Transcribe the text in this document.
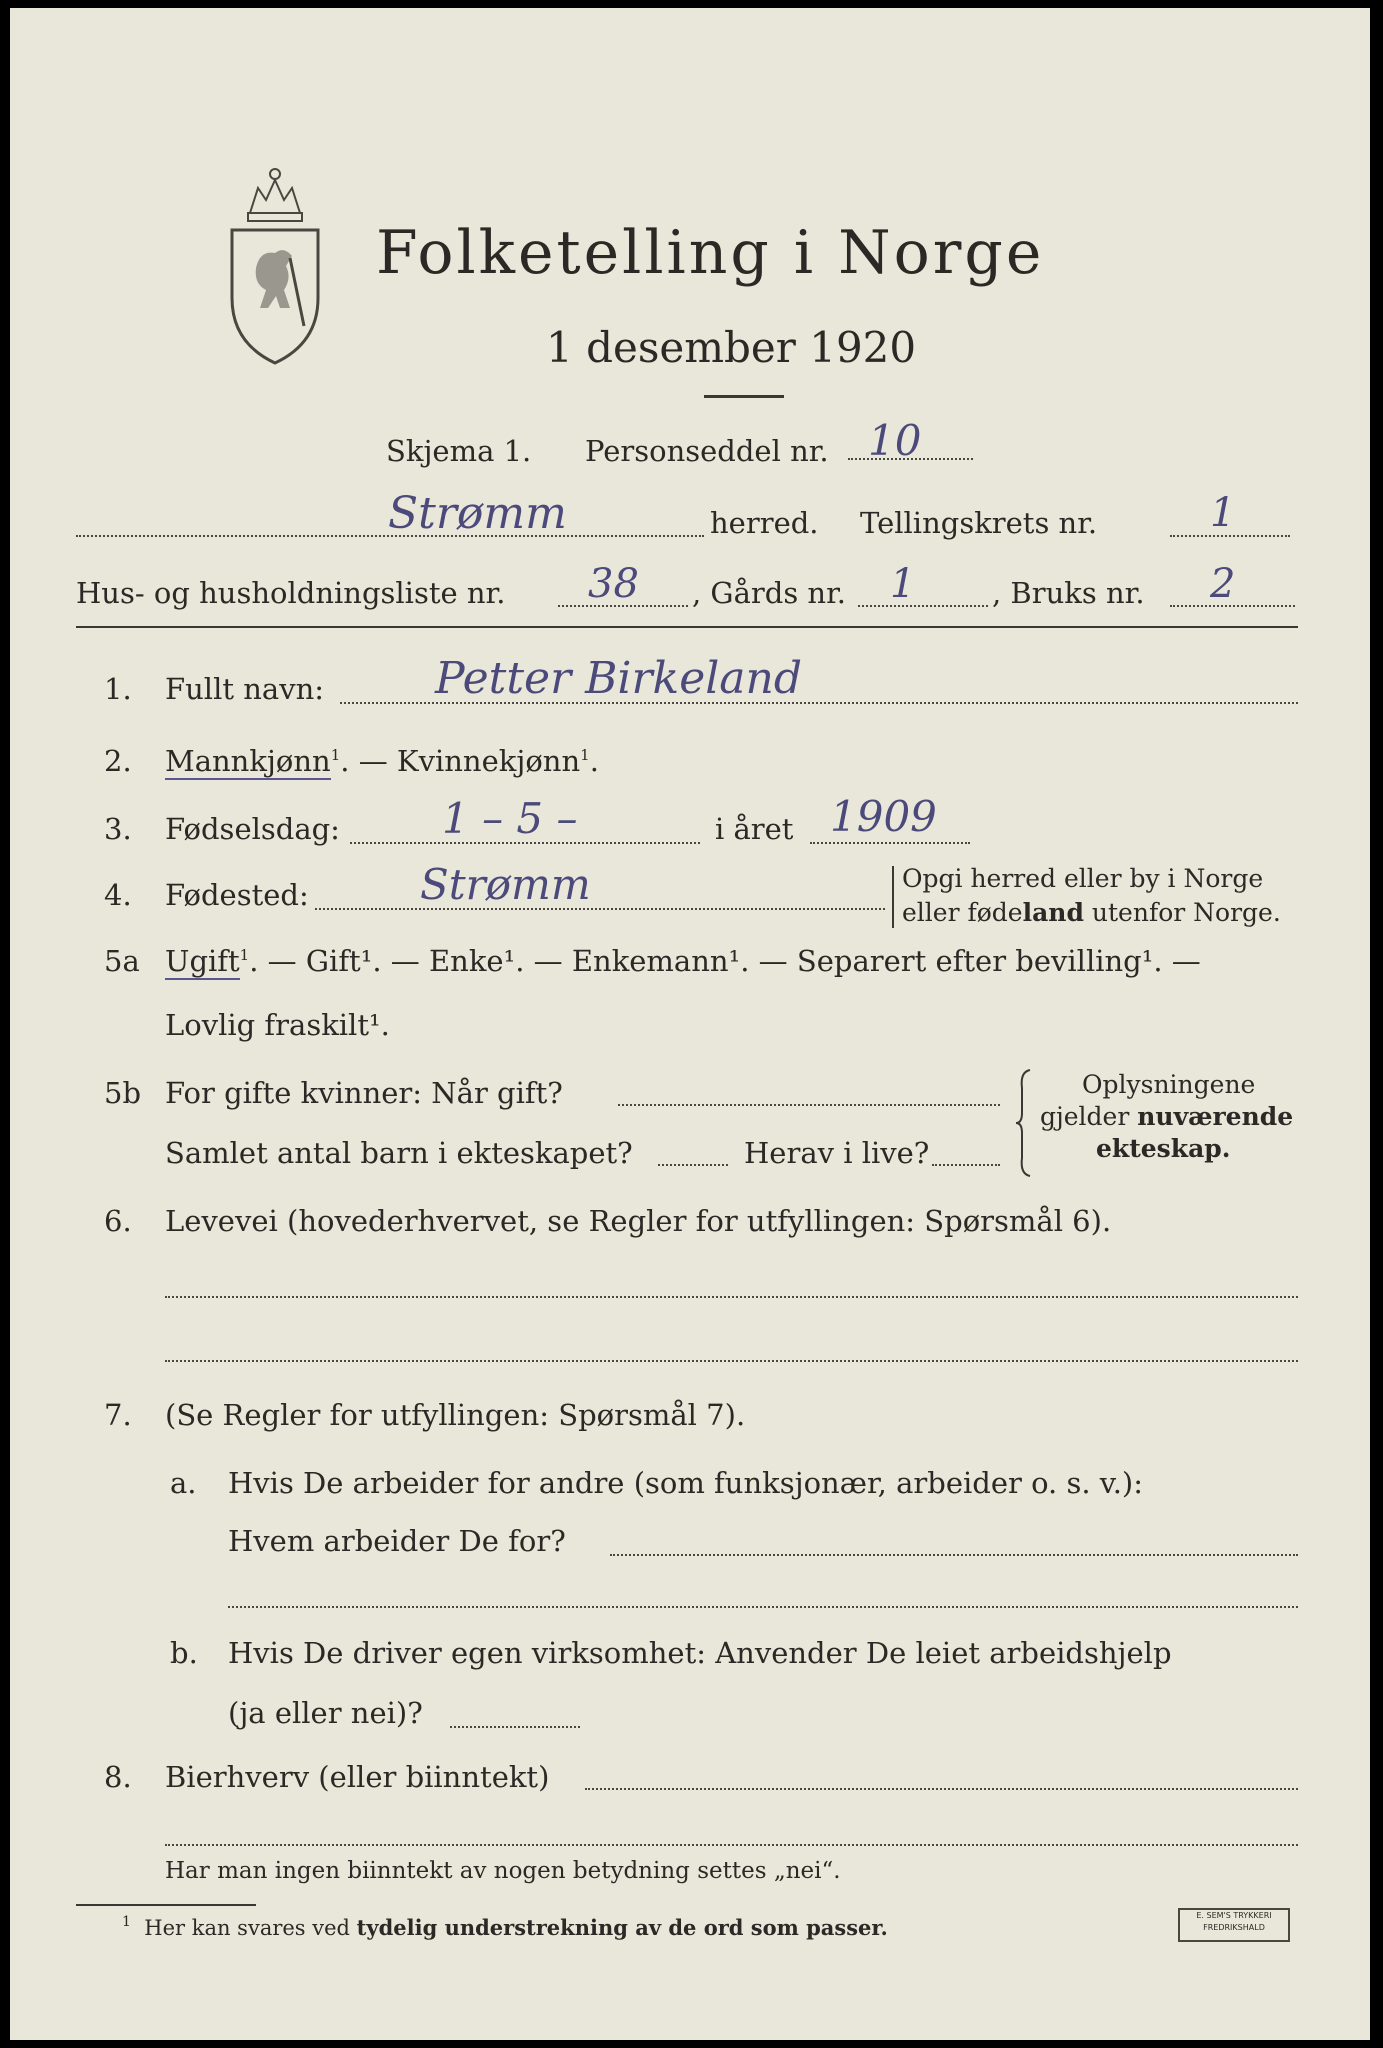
Folketelling i Norge
1 desember 1920
Skjema 1. Personseddel nr. 10
Strømm	herred. Tellingskrets nr.	1
Hus- og husholdningsliste nr. 38 , Gårds nr. 1	, Bruks nr. 2
1. Fullt navn:	Petter Birkeland
2. Mannkjønn$^1$. — Kvinnekjønn$^1$.
3. Fødselsdag: 1 – 5 –	i året 1909
4. Fødested:	Strømm	Opgi herred eller by i Norge
eller fødeland utenfor Norge.
5a Ugift$^1$. — Gift¹. — Enke¹. — Enkemann¹. — Separert efter bevilling¹. —
Lovlig fraskilt¹.
5b For gifte kvinner: Når gift?
Samlet antal barn i ekteskapet?	Herav i live?
Oplysningene
gjelder nuværende
ekteskap.
6. Levevei (hovederhvervet, se Regler for utfyllingen: Spørsmål 6).
7. (Se Regler for utfyllingen: Spørsmål 7).
a. Hvis De arbeider for andre (som funksjonær, arbeider o. s. v.):
Hvem arbeider De for?
b. Hvis De driver egen virksomhet: Anvender De leiet arbeidshjelp
(ja eller nei)?
8. Bierhverv (eller biinntekt)
Har man ingen biinntekt av nogen betydning settes „nei“.
$^1$ Her kan svares ved tydelig understrekning av de ord som passer.	E. SEM'S TRYKKERI
FREDRIKSHALD
